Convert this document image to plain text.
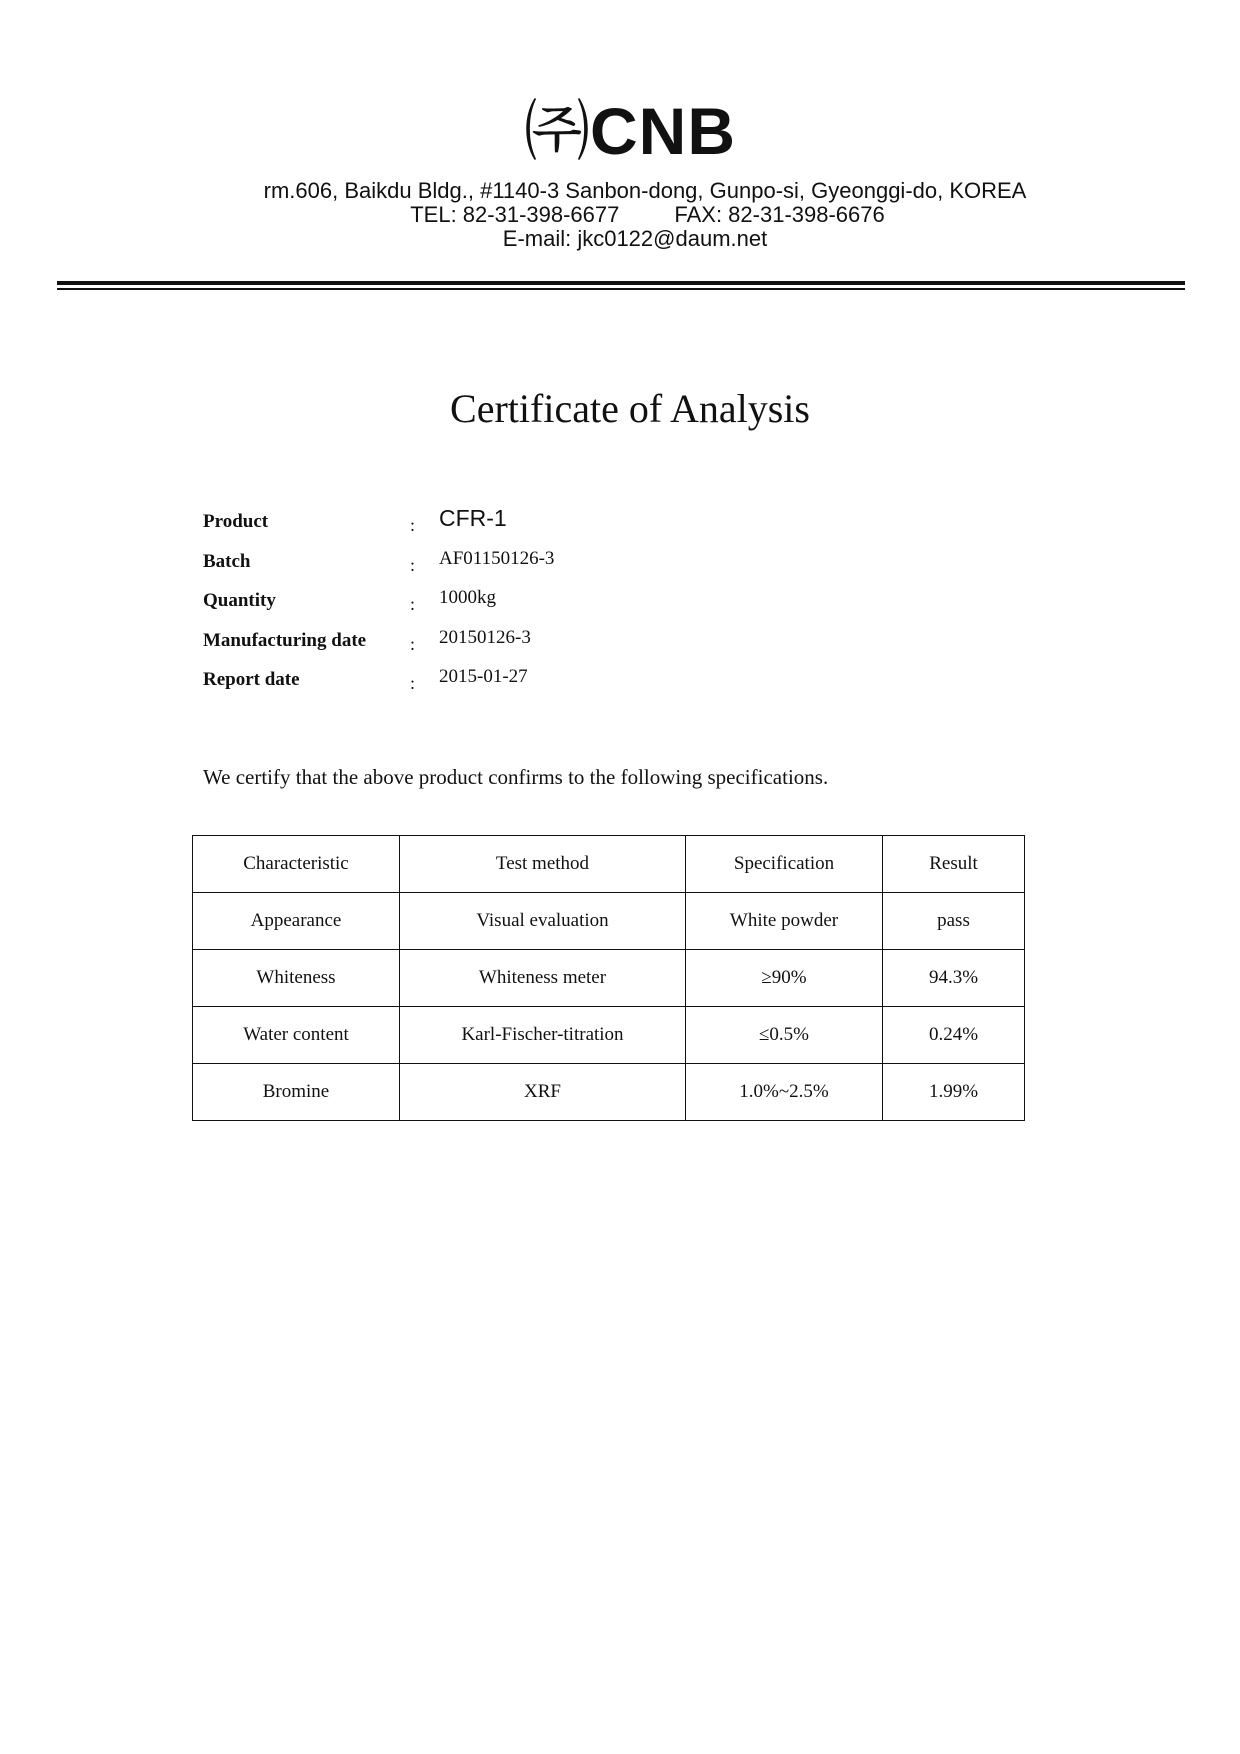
㈜CNB
rm.606, Baikdu Bldg., #1140-3 Sanbon-dong, Gunpo-si, Gyeonggi-do, KOREA
TEL: 82-31-398-6677	FAX: 82-31-398-6676
E-mail: jkc0122@daum.net
Certificate of Analysis
Product	: CFR-1
Batch	: AF01150126-3
Quantity	: 1000kg
Manufacturing date : 20150126-3
Report date	: 2015-01-27
We certify that the above product confirms to the following specifications.
Characteristic	Test method	Specification	Result
Appearance	Visual evaluation	White powder	pass
Whiteness	Whiteness meter	≥90%	94.3%
Water content	Karl-Fischer-titration	≤0.5%	0.24%
Bromine	XRF	1.0%~2.5%	1.99%
